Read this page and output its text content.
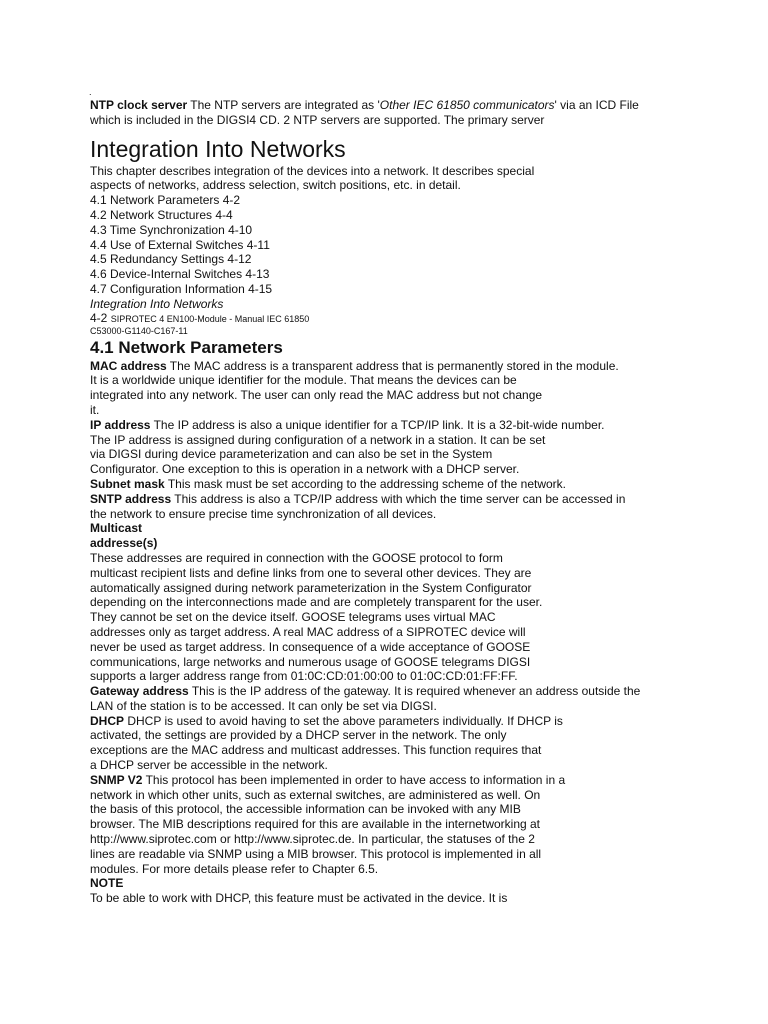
.
NTP clock server The NTP servers are integrated as 'Other IEC 61850 communicators' via an ICD File
which is included in the DIGSI4 CD. 2 NTP servers are supported. The primary server
Integration Into Networks
This chapter describes integration of the devices into a network. It describes special
aspects of networks, address selection, switch positions, etc. in detail.
4.1 Network Parameters 4-2
4.2 Network Structures 4-4
4.3 Time Synchronization 4-10
4.4 Use of External Switches 4-11
4.5 Redundancy Settings 4-12
4.6 Device-Internal Switches 4-13
4.7 Configuration Information 4-15
Integration Into Networks
4-2 SIPROTEC 4 EN100-Module - Manual IEC 61850
C53000-G1140-C167-11
4.1 Network Parameters
MAC address The MAC address is a transparent address that is permanently stored in the module.
It is a worldwide unique identifier for the module. That means the devices can be
integrated into any network. The user can only read the MAC address but not change
it.
IP address The IP address is also a unique identifier for a TCP/IP link. It is a 32-bit-wide number.
The IP address is assigned during configuration of a network in a station. It can be set
via DIGSI during device parameterization and can also be set in the System
Configurator. One exception to this is operation in a network with a DHCP server.
Subnet mask This mask must be set according to the addressing scheme of the network.
SNTP address This address is also a TCP/IP address with which the time server can be accessed in
the network to ensure precise time synchronization of all devices.
Multicast
addresse(s)
These addresses are required in connection with the GOOSE protocol to form
multicast recipient lists and define links from one to several other devices. They are
automatically assigned during network parameterization in the System Configurator
depending on the interconnections made and are completely transparent for the user.
They cannot be set on the device itself. GOOSE telegrams uses virtual MAC
addresses only as target address. A real MAC address of a SIPROTEC device will
never be used as target address. In consequence of a wide acceptance of GOOSE
communications, large networks and numerous usage of GOOSE telegrams DIGSI
supports a larger address range from 01:0C:CD:01:00:00 to 01:0C:CD:01:FF:FF.
Gateway address This is the IP address of the gateway. It is required whenever an address outside the
LAN of the station is to be accessed. It can only be set via DIGSI.
DHCP DHCP is used to avoid having to set the above parameters individually. If DHCP is
activated, the settings are provided by a DHCP server in the network. The only
exceptions are the MAC address and multicast addresses. This function requires that
a DHCP server be accessible in the network.
SNMP V2 This protocol has been implemented in order to have access to information in a
network in which other units, such as external switches, are administered as well. On
the basis of this protocol, the accessible information can be invoked with any MIB
browser. The MIB descriptions required for this are available in the internetworking at
http://www.siprotec.com or http://www.siprotec.de. In particular, the statuses of the 2
lines are readable via SNMP using a MIB browser. This protocol is implemented in all
modules. For more details please refer to Chapter 6.5.
NOTE
To be able to work with DHCP, this feature must be activated in the device. It is
